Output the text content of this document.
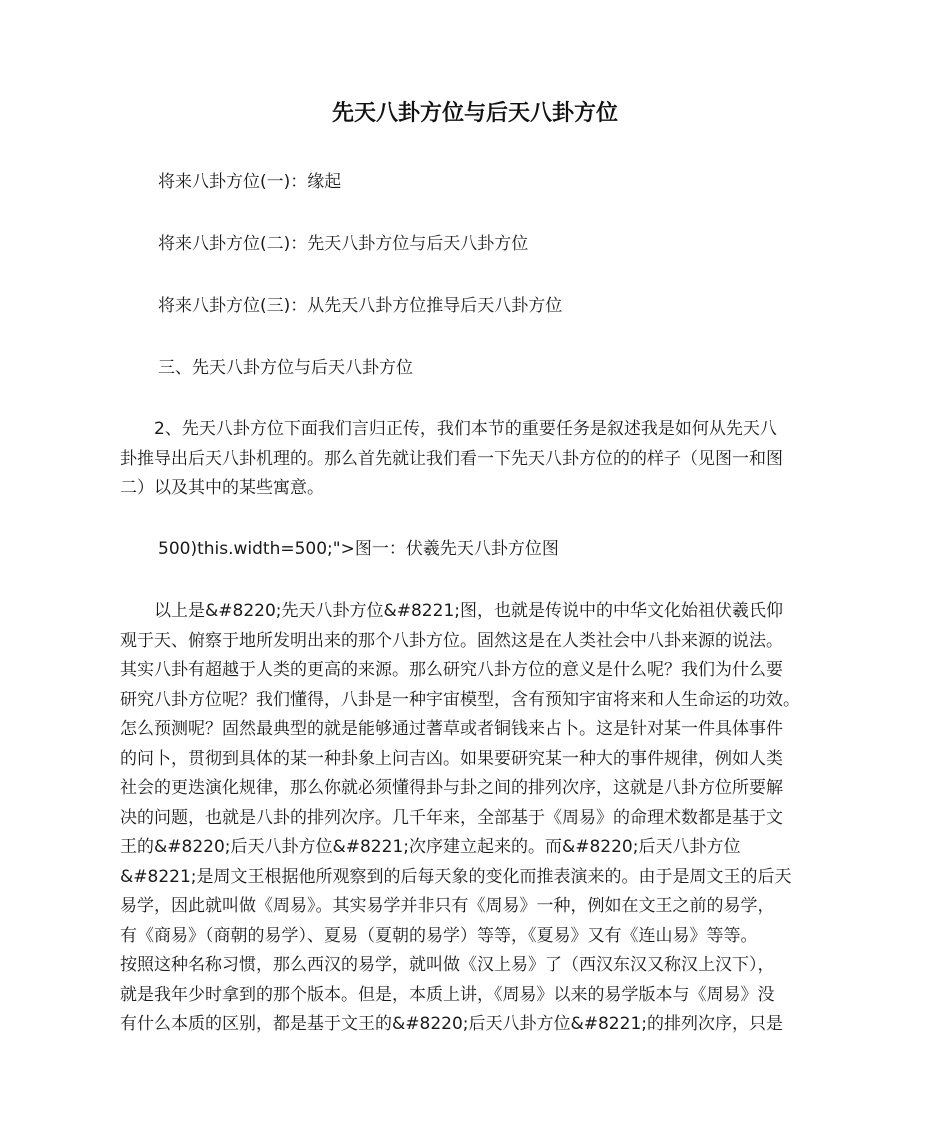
先天八卦方位与后天八卦方位

将来八卦方位(一)：缘起

将来八卦方位(二)：先天八卦方位与后天八卦方位

将来八卦方位(三)：从先天八卦方位推导后天八卦方位

三、先天八卦方位与后天八卦方位

　　2、先天八卦方位下面我们言归正传，我们本节的重要任务是叙述我是如何从先天八
卦推导出后天八卦机理的。那么首先就让我们看一下先天八卦方位的的样子（见图一和图
二）以及其中的某些寓意。

500)this.width=500;">图一：伏羲先天八卦方位图

　　以上是&#8220;先天八卦方位&#8221;图，也就是传说中的中华文化始祖伏羲氏仰
观于天、俯察于地所发明出来的那个八卦方位。固然这是在人类社会中八卦来源的说法。
其实八卦有超越于人类的更高的来源。那么研究八卦方位的意义是什么呢？我们为什么要
研究八卦方位呢？我们懂得，八卦是一种宇宙模型，含有预知宇宙将来和人生命运的功效。
怎么预测呢？固然最典型的就是能够通过蓍草或者铜钱来占卜。这是针对某一件具体事件
的问卜，贯彻到具体的某一种卦象上问吉凶。如果要研究某一种大的事件规律，例如人类
社会的更迭演化规律，那么你就必须懂得卦与卦之间的排列次序，这就是八卦方位所要解
决的问题，也就是八卦的排列次序。几千年来，全部基于《周易》的命理术数都是基于文
王的&#8220;后天八卦方位&#8221;次序建立起来的。而&#8220;后天八卦方位
&#8221;是周文王根据他所观察到的后每天象的变化而推表演来的。由于是周文王的后天
易学，因此就叫做《周易》。其实易学并非只有《周易》一种，例如在文王之前的易学，
有《商易》（商朝的易学）、夏易（夏朝的易学）等等，《夏易》又有《连山易》等等。
按照这种名称习惯，那么西汉的易学，就叫做《汉上易》了（西汉东汉又称汉上汉下），
就是我年少时拿到的那个版本。但是，本质上讲，《周易》以来的易学版本与《周易》没
有什么本质的区别，都是基于文王的&#8220;后天八卦方位&#8221;的排列次序，只是
